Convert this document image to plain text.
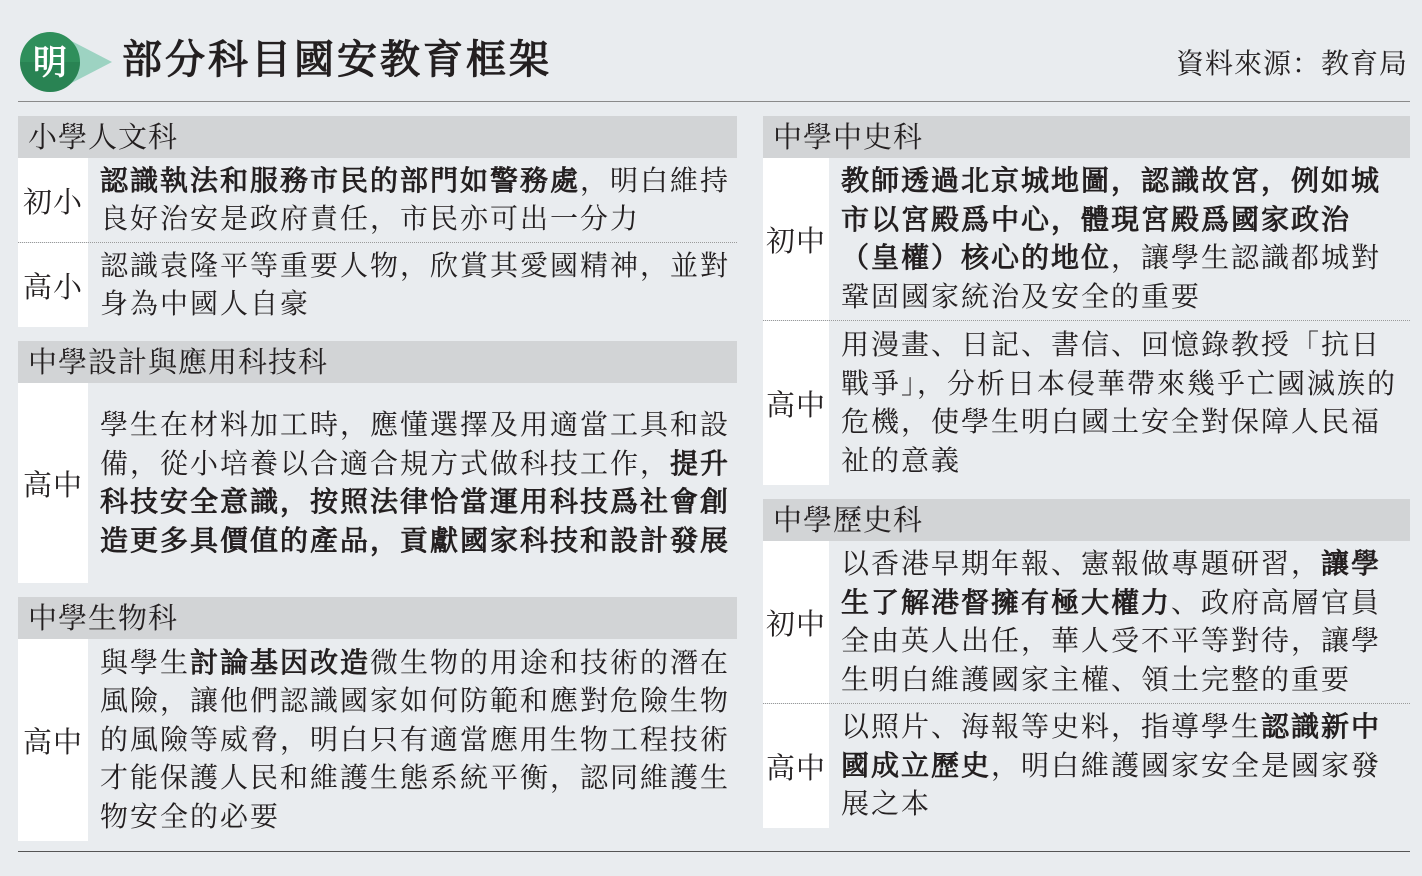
明 部分科目國安教育框架	資料來源：教育局
小學人文科
初小

認識執法和服務市民的部門如警務處，明白維持良好治安是政府責任，市民亦可出一分力

高小

認識袁隆平等重要人物，欣賞其愛國精神，並對身為中國人自豪

中學設計與應用科技科
高中

學生在材料加工時，應懂選擇及用適當工具和設備，從小培養以合適合規方式做科技工作，提升科技安全意識，按照法律恰當運用科技爲社會創造更多具價值的產品，貢獻國家科技和設計發展

中學生物科
高中

與學生討論基因改造微生物的用途和技術的潛在風險，讓他們認識國家如何防範和應對危險生物的風險等威脅，明白只有適當應用生物工程技術才能保護人民和維護生態系統平衡，認同維護生物安全的必要

中學中史科
初中

教師透過北京城地圖，認識故宮，例如城市以宮殿爲中心，體現宮殿爲國家政治（皇權）核心的地位，讓學生認識都城對鞏固國家統治及安全的重要

高中

用漫畫、日記、書信、回憶錄教授「抗日戰爭」，分析日本侵華帶來幾乎亡國滅族的危機，使學生明白國土安全對保障人民福祉的意義

中學歷史科
初中

以香港早期年報、憲報做專題研習，讓學生了解港督擁有極大權力、政府高層官員全由英人出任，華人受不平等對待，讓學生明白維護國家主權、領土完整的重要

高中

以照片、海報等史料，指導學生認識新中國成立歷史，明白維護國家安全是國家發展之本
